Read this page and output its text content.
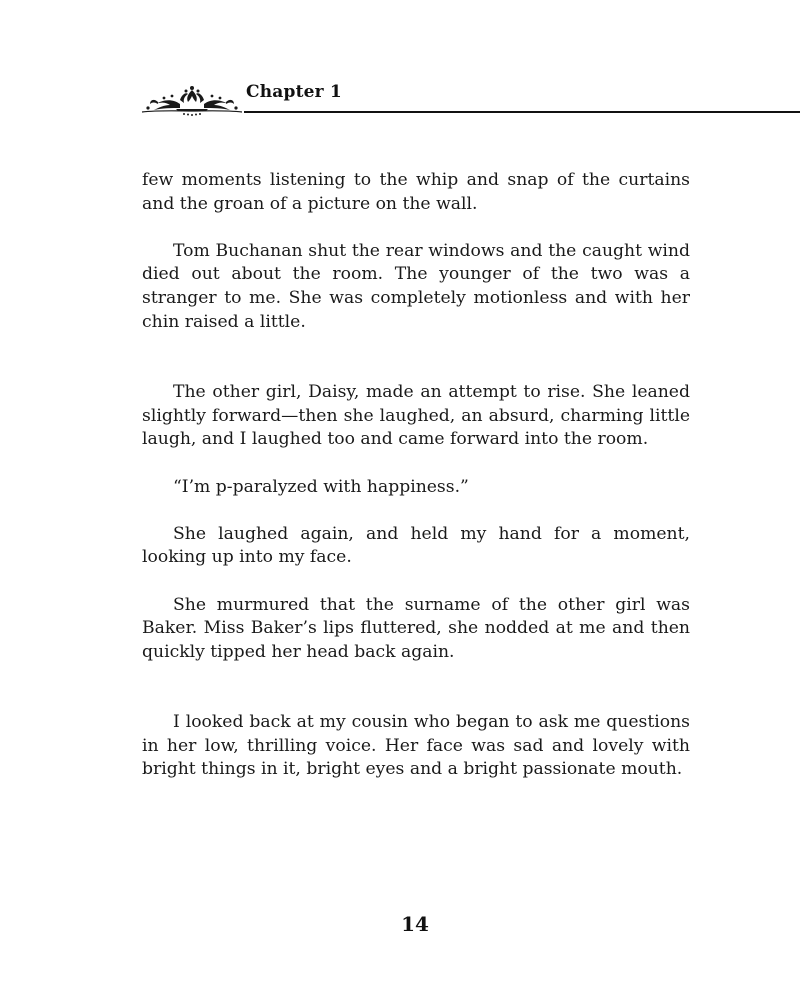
Chapter 1

few moments listening to the whip and snap of the curtains and the groan of a picture on the wall.

Tom Buchanan shut the rear windows and the caught wind died out about the room. The younger of the two was a stranger to me. She was completely motionless and with her chin raised a little.

The other girl, Daisy, made an attempt to rise. She leaned slightly forward—then she laughed, an absurd, charming little laugh, and I laughed too and came forward into the room.

“I’m p-paralyzed with happiness.”

She laughed again, and held my hand for a moment, looking up into my face.

She murmured that the surname of the other girl was Baker. Miss Baker’s lips fluttered, she nodded at me and then quickly tipped her head back again.

I looked back at my cousin who began to ask me questions in her low, thrilling voice. Her face was sad and lovely with bright things in it, bright eyes and a bright passionate mouth.

14
